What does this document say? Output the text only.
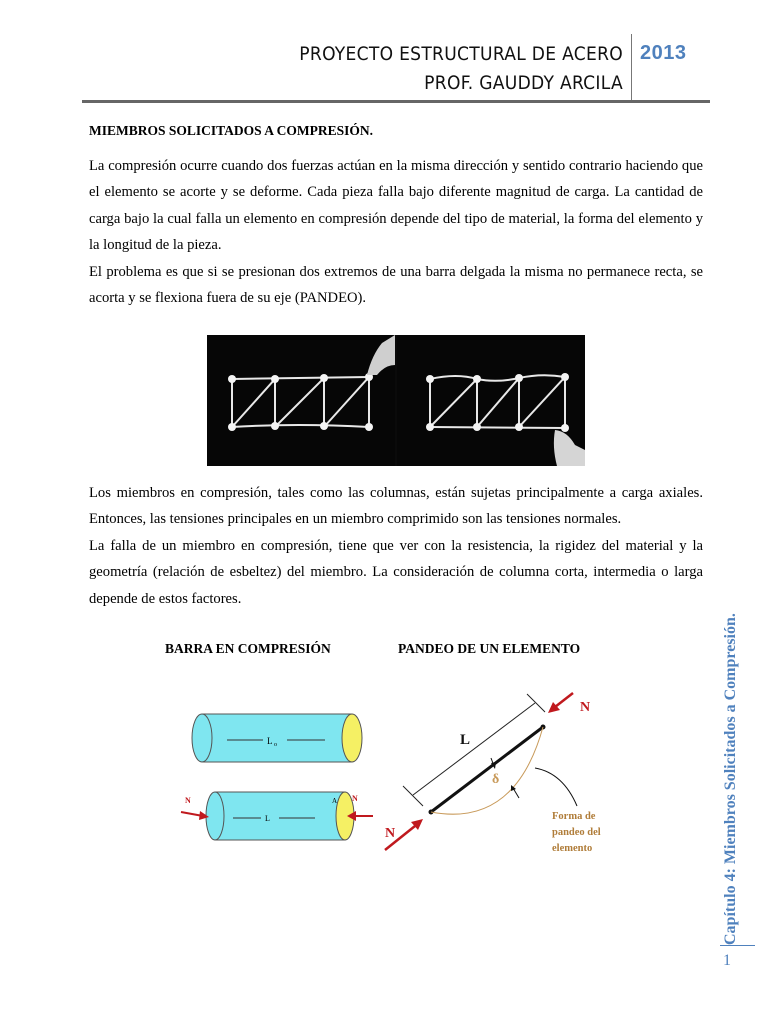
PROYECTO ESTRUCTURAL DE ACERO
PROF. GAUDDY ARCILA
2013
MIEMBROS SOLICITADOS A COMPRESIÓN.

La compresión ocurre cuando dos fuerzas actúan en la misma dirección y sentido contrario haciendo que el elemento se acorte y se deforme. Cada pieza falla bajo diferente magnitud de carga. La cantidad de carga bajo la cual falla un elemento en compresión depende del tipo de material, la forma del elemento y la longitud de la pieza.

El problema es que si se presionan dos extremos de una barra delgada la misma no permanece recta, se acorta y se flexiona fuera de su eje (PANDEO).

Los miembros en compresión, tales como las columnas, están sujetas principalmente a carga axiales. Entonces, las tensiones principales en un miembro comprimido son las tensiones normales.

La falla de un miembro en compresión, tiene que ver con la resistencia, la rigidez del material y la geometría (relación de esbeltez) del miembro. La consideración de columna corta, intermedia o larga depende de estos factores.

BARRA EN COMPRESIÓN	PANDEO DE UN ELEMENTO
L o
L
A
N	N
δ
L
N
N
Forma de
pandeo del
elemento	Capítulo 4: Miembros Solicitados a Compresión.
1
